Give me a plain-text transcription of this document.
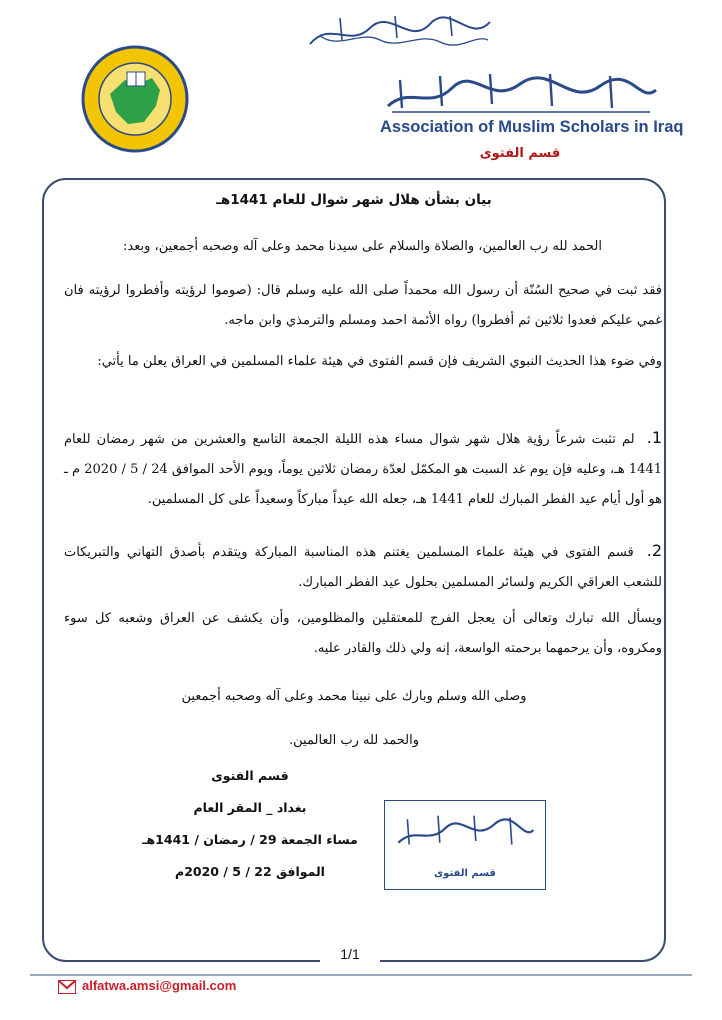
Association of Muslim Scholars in Iraq
قسم الفتوى
بيان بشأن هلال شهر شوال للعام 1441هـ
الحمد لله رب العالمين، والصلاة والسلام على سيدنا محمد وعلى آله وصحبه أجمعين، وبعد:
فقد ثبت في صحيح السُنّة أن رسول الله محمداً صلى الله عليه وسلم قال: (صوموا لرؤيته وأفطروا لرؤيته فان غمي عليكم فعدوا ثلاثين ثم أفطروا) رواه الأئمة احمد ومسلم والترمذي وابن ماجه.
وفي ضوء هذا الحديث النبوي الشريف فإن قسم الفتوى في هيئة علماء المسلمين في العراق يعلن ما يأتي:
1. لم تثبت شرعاً رؤية هلال شهر شوال مساء هذه الليلة الجمعة التاسع والعشرين من شهر رمضان للعام 1441 هـ، وعليه فإن يوم غد السبت هو المكمّل لعدّة رمضان ثلاثين يوماً، ويوم الأحد الموافق 24 / 5 / 2020 م ـ هو أول أيام عيد الفطر المبارك للعام 1441 هـ، جعله الله عيداً مباركاً وسعيداً على كل المسلمين.
2. قسم الفتوى في هيئة علماء المسلمين يغتنم هذه المناسبة المباركة ويتقدم بأصدق التهاني والتبريكات للشعب العراقي الكريم ولسائر المسلمين بحلول عيد الفطر المبارك.
ويسأل الله تبارك وتعالى أن يعجل الفرج للمعتقلين والمظلومين، وأن يكشف عن العراق وشعبه كل سوء ومكروه، وأن يرحمهما برحمته الواسعة، إنه ولي ذلك والقادر عليه.
وصلى الله وسلم وبارك على نبينا محمد وعلى آله وصحبه أجمعين
والحمد لله رب العالمين.
قسم الفتوى
بغداد _ المقر العام
مساء الجمعة 29 / رمضان / 1441هـ
الموافق 22 / 5 / 2020م	قسم الفتوى
1/1
alfatwa.amsi@gmail.com
